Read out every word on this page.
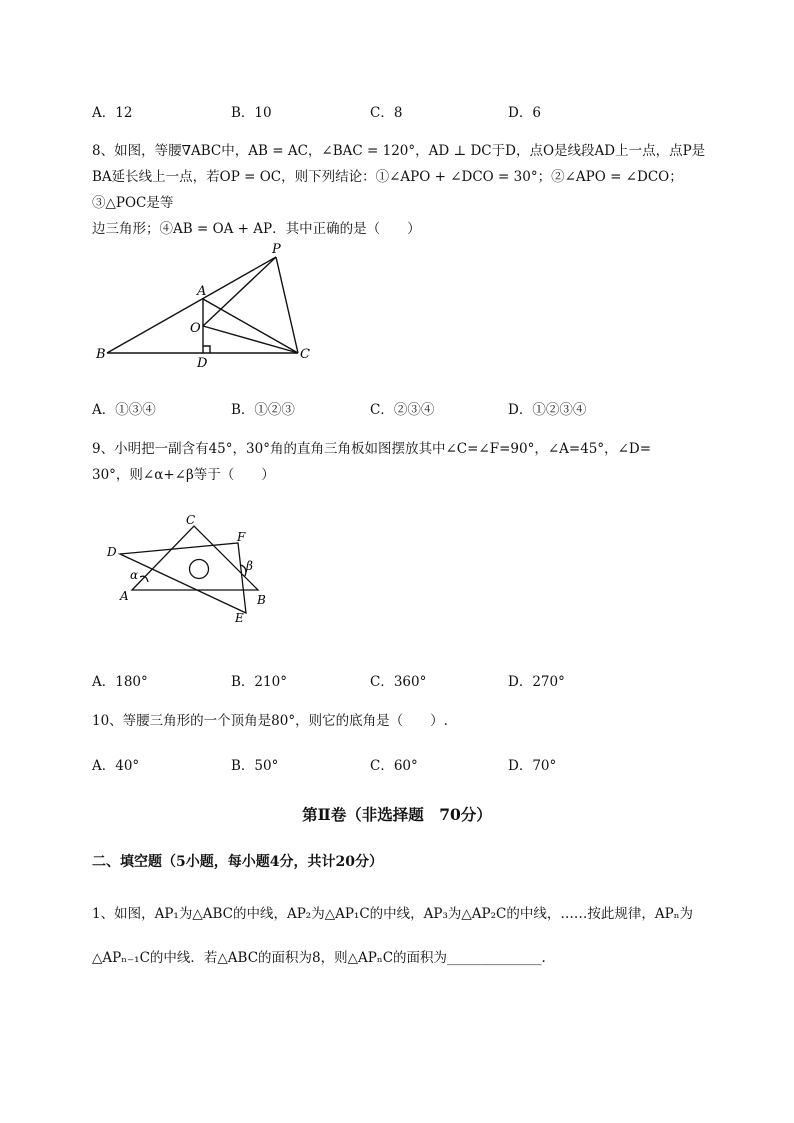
A．12	B．10	C．8	D．6
8、如图，等腰∇ABC中，AB = AC，∠BAC = 120°，AD ⊥ DC于D，点O是线段AD上一点，点P是
BA延长线上一点，若OP = OC，则下列结论：①∠APO + ∠DCO = 30°；②∠APO = ∠DCO；③△POC是等
边三角形；④AB = OA + AP．其中正确的是（　　）
P
A
O
B
D
C
A．①③④	B．①②③	C．②③④	D．①②③④
9、小明把一副含有45°，30°角的直角三角板如图摆放其中∠C=∠F=90°，∠A=45°，∠D=
30°，则∠α+∠β等于（　　）
C
F
D
α
β
A	B
E
A．180°	B．210°	C．360°	D．270°
10、等腰三角形的一个顶角是80°，则它的底角是（　　）.
A．40°	B．50°	C．60°	D．70°
第Ⅱ卷（非选择题　70分）
二、填空题（5小题，每小题4分，共计20分）
1、如图，AP₁为△ABC的中线，AP₂为△AP₁C的中线，AP₃为△AP₂C的中线，……按此规律，APₙ为
△APₙ₋₁C的中线．若△ABC的面积为8，则△APₙC的面积为______________.
